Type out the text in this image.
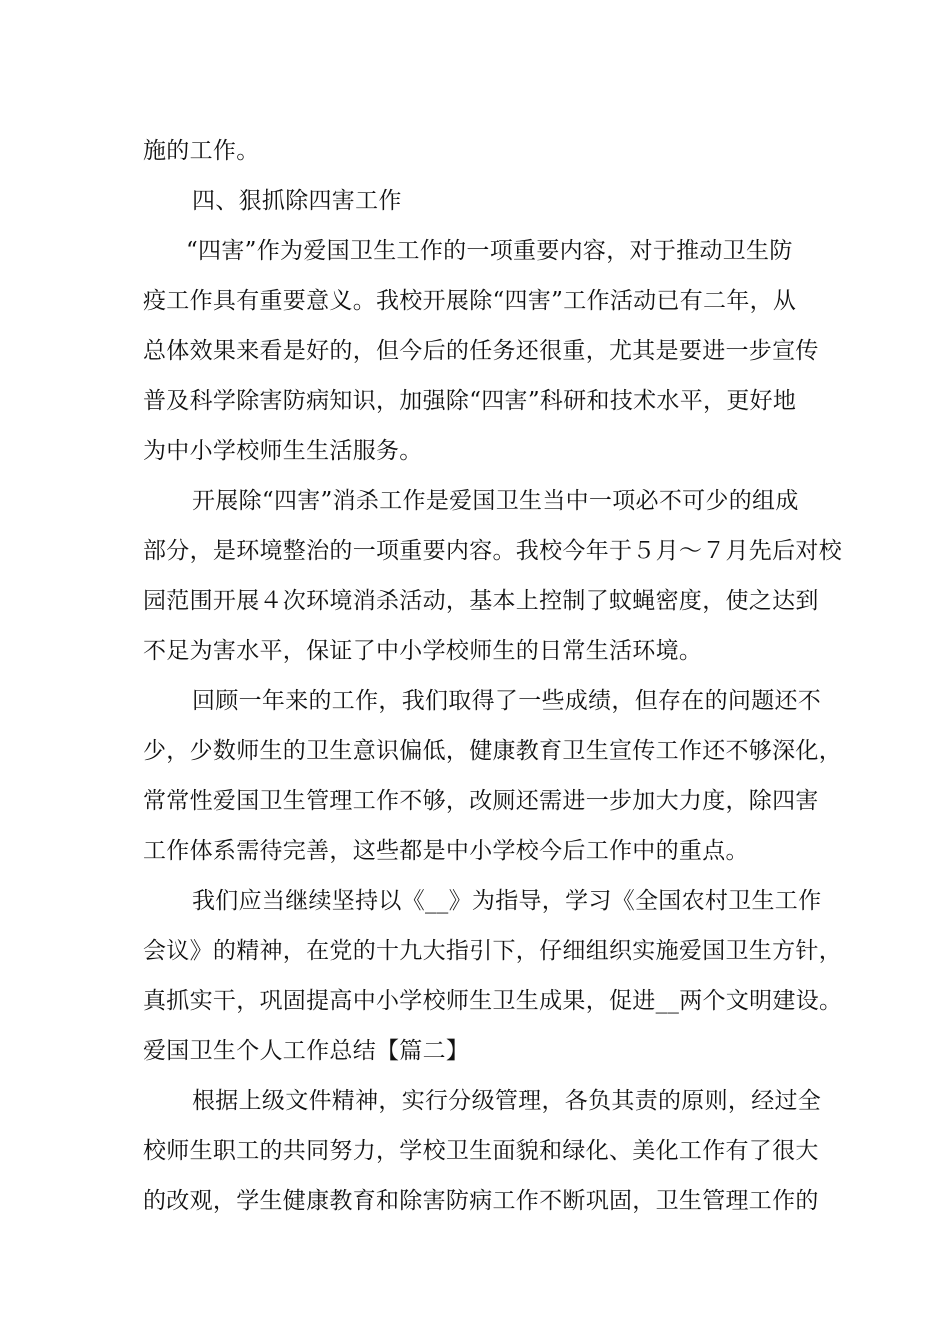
施的工作。
四、狠抓除四害工作
“四害”作为爱国卫生工作的一项重要内容，对于推动卫生防
疫工作具有重要意义。我校开展除“四害”工作活动已有二年，从
总体效果来看是好的，但今后的任务还很重，尤其是要进一步宣传
普及科学除害防病知识，加强除“四害”科研和技术水平，更好地
为中小学校师生生活服务。
开展除“四害”消杀工作是爱国卫生当中一项必不可少的组成
部分，是环境整治的一项重要内容。我校今年于５月～７月先后对校
园范围开展４次环境消杀活动，基本上控制了蚊蝇密度，使之达到
不足为害水平，保证了中小学校师生的日常生活环境。
回顾一年来的工作，我们取得了一些成绩，但存在的问题还不
少，少数师生的卫生意识偏低，健康教育卫生宣传工作还不够深化，
常常性爱国卫生管理工作不够，改厕还需进一步加大力度，除四害
工作体系需待完善，这些都是中小学校今后工作中的重点。
我们应当继续坚持以《__》为指导，学习《全国农村卫生工作
会议》的精神，在党的十九大指引下，仔细组织实施爱国卫生方针，
真抓实干，巩固提高中小学校师生卫生成果，促进__两个文明建设。
爱国卫生个人工作总结【篇二】
根据上级文件精神，实行分级管理，各负其责的原则，经过全
校师生职工的共同努力，学校卫生面貌和绿化、美化工作有了很大
的改观，学生健康教育和除害防病工作不断巩固，卫生管理工作的
